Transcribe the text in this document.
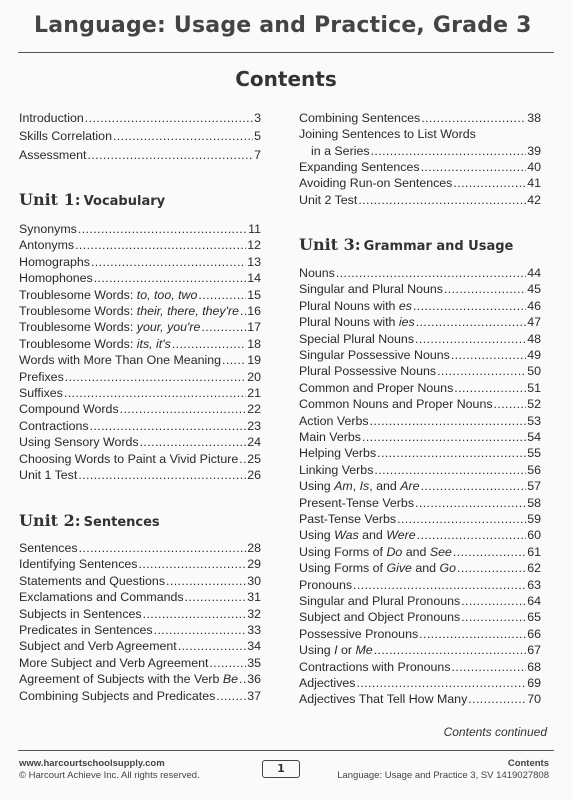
Language: Usage and Practice, Grade 3
Contents
Introduction .....	3
Skills Correlation .....	5
Assessment .....	7
Unit 1: Vocabulary
Synonyms .....	11
Antonyms .....	12
Homographs .....	13
Homophones .....	14
Troublesome Words: to, too, two .....	15
Troublesome Words: their, there, they're ..... 16
Troublesome Words: your, you're .....	17
Troublesome Words: its, it's .....	18
Words with More Than One Meaning ..... 19
Prefixes .....	20
Suffixes .....	21
Compound Words .....	22
Contractions .....	23
Using Sensory Words .....	24
Choosing Words to Paint a Vivid Picture ..... 25
Unit 1 Test .....	26
Unit 2: Sentences
Sentences .....	28
Identifying Sentences .....	29
Statements and Questions .....	30
Exclamations and Commands .....	31
Subjects in Sentences .....	32
Predicates in Sentences .....	33
Subject and Verb Agreement .....	34
More Subject and Verb Agreement .....	35
Agreement of Subjects with the Verb Be ..... 36
Combining Subjects and Predicates .....	37
Combining Sentences .....	38
Joining Sentences to List Words
in a Series .....	39
Expanding Sentences .....	40
Avoiding Run-on Sentences .....	41
Unit 2 Test .....	42
Unit 3: Grammar and Usage
Nouns .....	44
Singular and Plural Nouns .....	45
Plural Nouns with es .....	46
Plural Nouns with ies .....	47
Special Plural Nouns .....	48
Singular Possessive Nouns .....	49
Plural Possessive Nouns .....	50
Common and Proper Nouns .....	51
Common Nouns and Proper Nouns .....	52
Action Verbs .....	53
Main Verbs .....	54
Helping Verbs .....	55
Linking Verbs .....	56
Using Am, Is, and Are .....	57
Present-Tense Verbs .....	58
Past-Tense Verbs .....	59
Using Was and Were .....	60
Using Forms of Do and See .....	61
Using Forms of Give and Go .....	62
Pronouns .....	63
Singular and Plural Pronouns .....	64
Subject and Object Pronouns .....	65
Possessive Pronouns .....	66
Using I or Me .....	67
Contractions with Pronouns .....	68
Adjectives .....	69
Adjectives That Tell How Many .....	70
Contents continued
www.harcourtschoolsupply.com
© Harcourt Achieve Inc. All rights reserved.
1	Contents
Language: Usage and Practice 3, SV 1419027808
